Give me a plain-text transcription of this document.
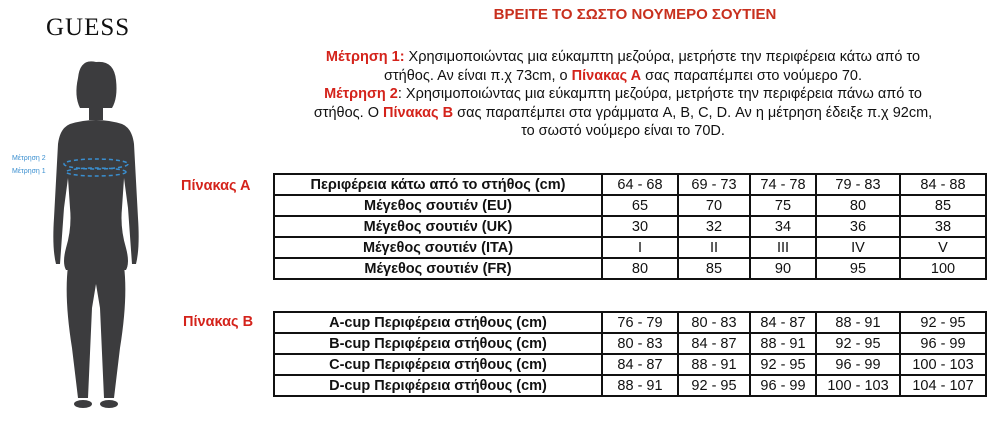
GUESS
Μέτρηση 2
Μέτρηση 1
ΒΡΕΙΤΕ ΤΟ ΣΩΣΤΟ ΝΟΥΜΕΡΟ ΣΟΥΤΙΕΝ
Μέτρηση 1: Χρησιμοποιώντας μια εύκαμπτη μεζούρα, μετρήστε την περιφέρεια κάτω από το
στήθος. Αν είναι π.χ 73cm, ο Πίνακας Α σας παραπέμπει στο νούμερο 70.
Μέτρηση 2: Χρησιμοποιώντας μια εύκαμπτη μεζούρα, μετρήστε την περιφέρεια πάνω από το
στήθος. Ο Πίνακας Β σας παραπέμπει στα γράμματα A, B, C, D. Αν η μέτρηση έδειξε π.χ 92cm,
το σωστό νούμερο είναι το 70D.
Πίνακας Α	Περιφέρεια κάτω από το στήθος (cm)	64 - 68	69 - 73	74 - 78	79 - 83	84 - 88
Μέγεθος σουτιέν (EU)	65	70	75	80	85
Μέγεθος σουτιέν (UK)	30	32	34	36	38
Μέγεθος σουτιέν (ITA)	I	II	III	IV	V
Μέγεθος σουτιέν (FR)	80	85	90	95	100
Πίνακας Β	A-cup Περιφέρεια στήθους (cm)	76 - 79	80 - 83	84 - 87	88 - 91	92 - 95
B-cup Περιφέρεια στήθους (cm)	80 - 83	84 - 87	88 - 91	92 - 95	96 - 99
C-cup Περιφέρεια στήθους (cm)	84 - 87	88 - 91	92 - 95	96 - 99	100 - 103
D-cup Περιφέρεια στήθους (cm)	88 - 91	92 - 95	96 - 99	100 - 103	104 - 107
